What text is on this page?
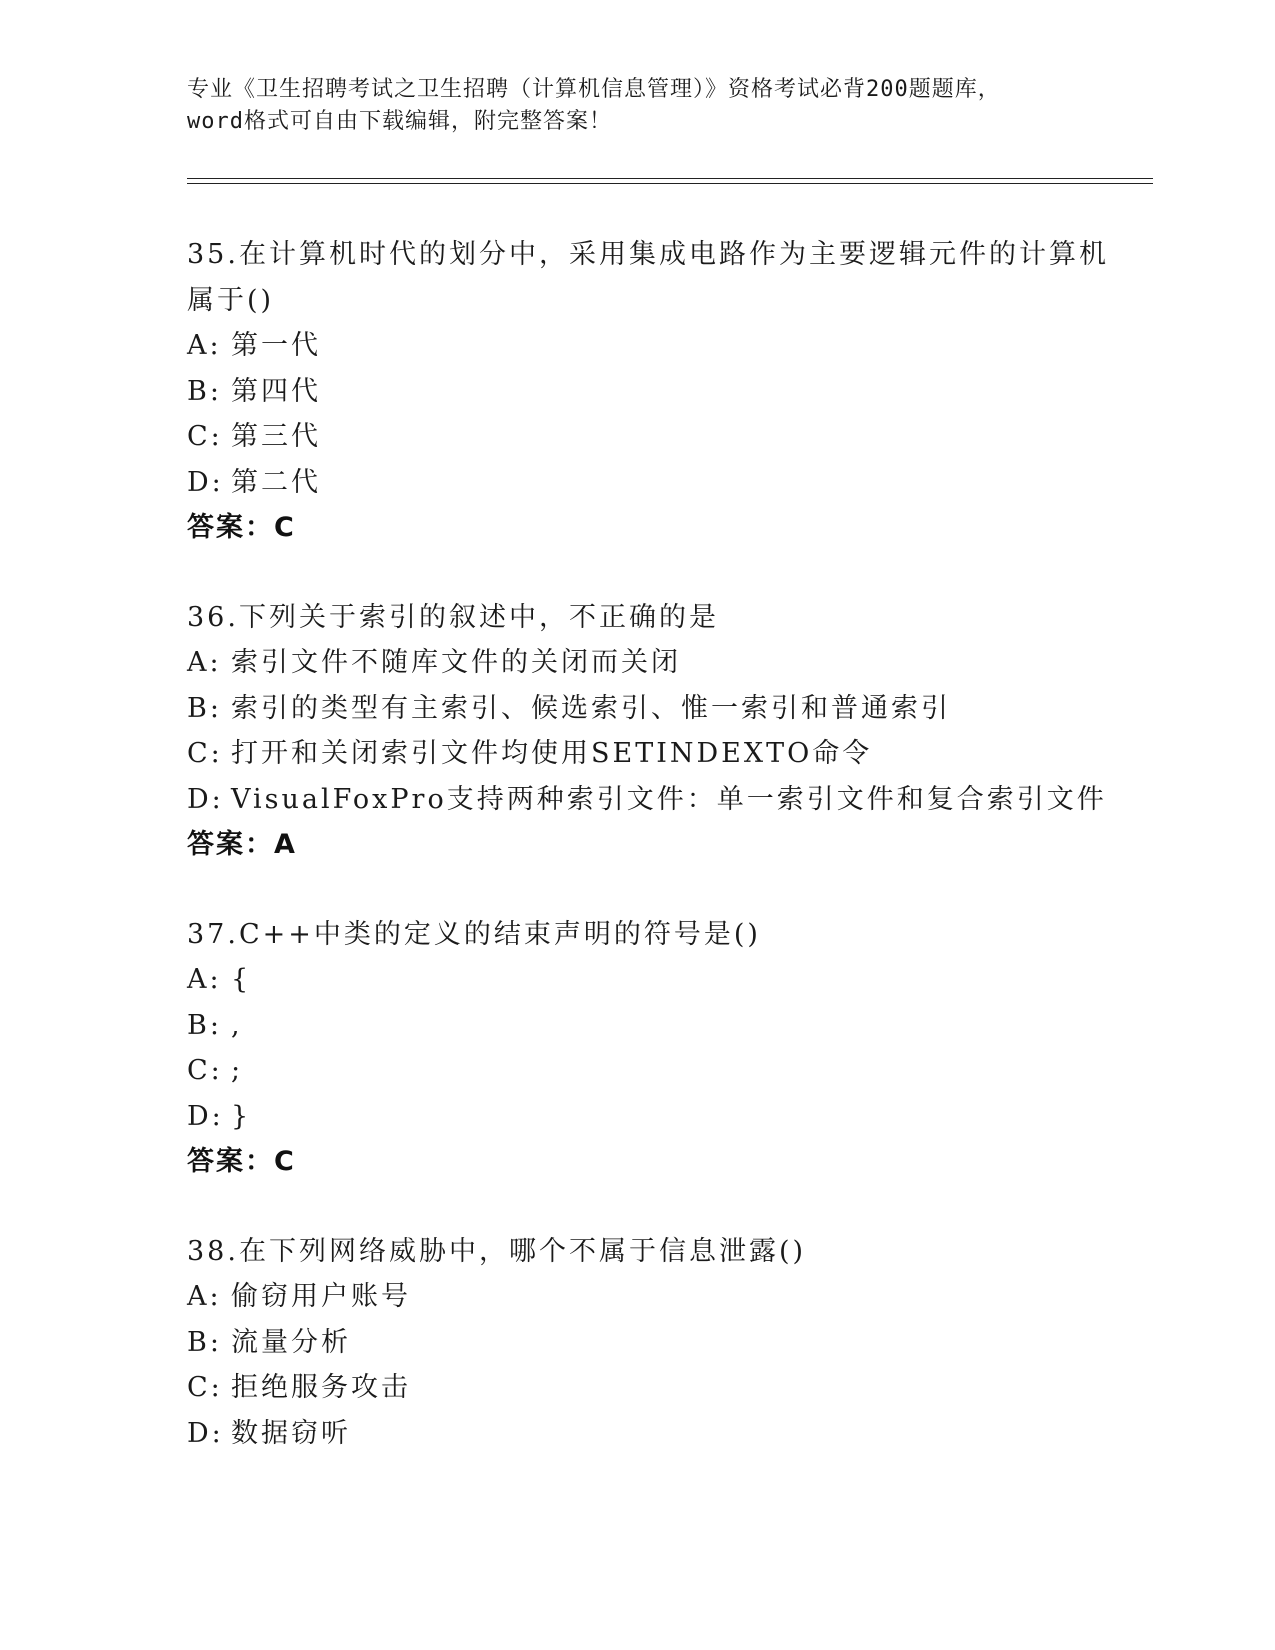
专业《卫生招聘考试之卫生招聘（计算机信息管理）》资格考试必背200题题库，
word格式可自由下载编辑，附完整答案！
35.在计算机时代的划分中，采用集成电路作为主要逻辑元件的计算机
属于()
A: 第一代
B: 第四代
C: 第三代
D: 第二代
答案：C
36.下列关于索引的叙述中，不正确的是
A: 索引文件不随库文件的关闭而关闭
B: 索引的类型有主索引、候选索引、惟一索引和普通索引
C: 打开和关闭索引文件均使用SETINDEXTO命令
D: VisualFoxPro支持两种索引文件：单一索引文件和复合索引文件
答案：A
37.C++中类的定义的结束声明的符号是()
A: {
B: ,
C: ;
D: }
答案：C
38.在下列网络威胁中，哪个不属于信息泄露()
A: 偷窃用户账号
B: 流量分析
C: 拒绝服务攻击
D: 数据窃听
